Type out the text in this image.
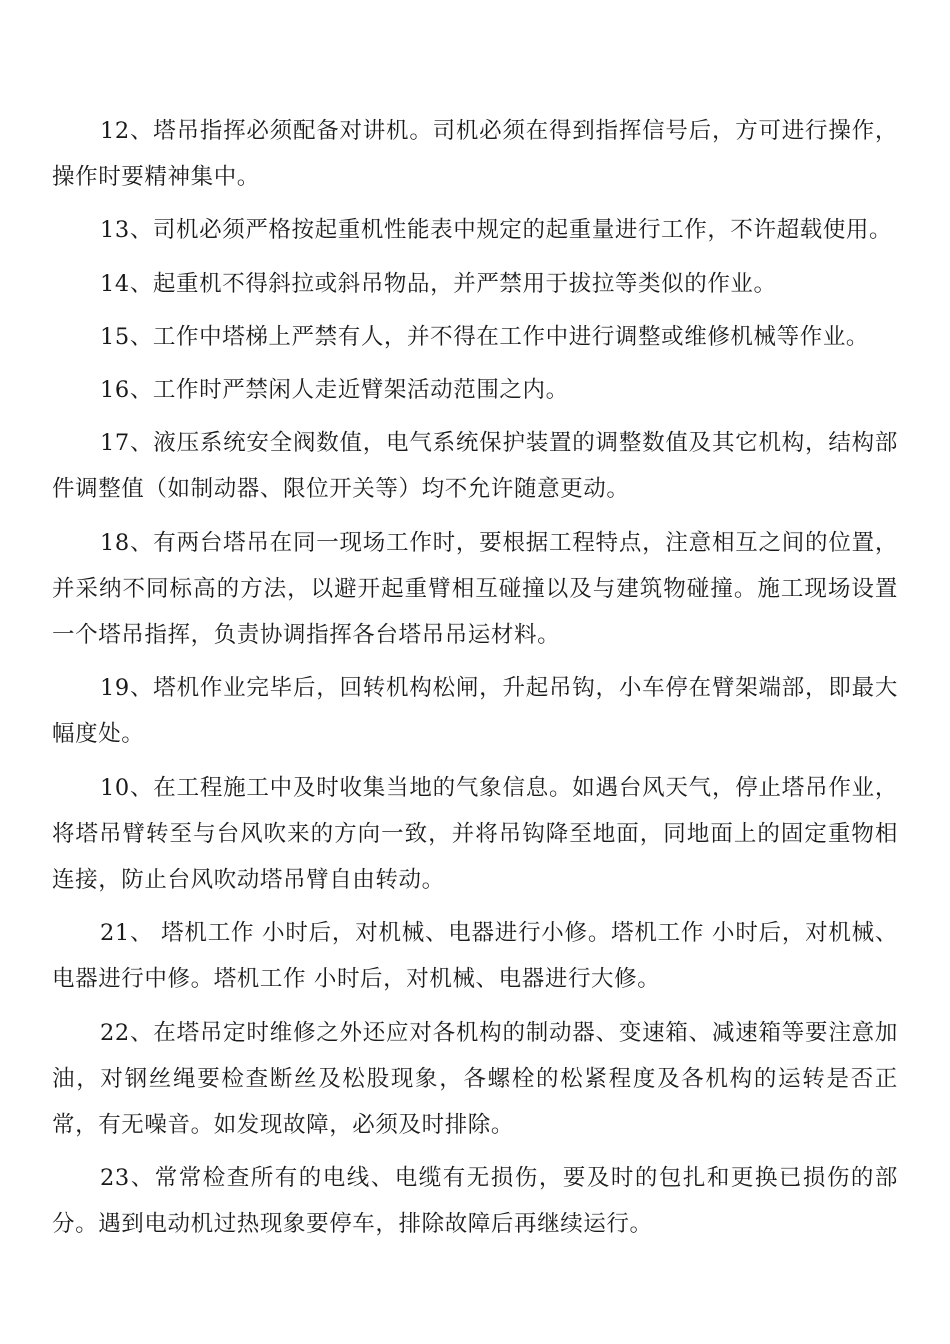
12、塔吊指挥必须配备对讲机。司机必须在得到指挥信号后，方可进行操作，操作时要精神集中。

13、司机必须严格按起重机性能表中规定的起重量进行工作，不许超载使用。

14、起重机不得斜拉或斜吊物品，并严禁用于拔拉等类似的作业。

15、工作中塔梯上严禁有人，并不得在工作中进行调整或维修机械等作业。

16、工作时严禁闲人走近臂架活动范围之内。

17、液压系统安全阀数值，电气系统保护装置的调整数值及其它机构，结构部件调整值（如制动器、限位开关等）均不允许随意更动。

18、有两台塔吊在同一现场工作时，要根据工程特点，注意相互之间的位置，并采纳不同标高的方法，以避开起重臂相互碰撞以及与建筑物碰撞。施工现场设置一个塔吊指挥，负责协调指挥各台塔吊吊运材料。

19、塔机作业完毕后，回转机构松闸，升起吊钩，小车停在臂架端部，即最大幅度处。

10、在工程施工中及时收集当地的气象信息。如遇台风天气，停止塔吊作业，将塔吊臂转至与台风吹来的方向一致，并将吊钩降至地面，同地面上的固定重物相连接，防止台风吹动塔吊臂自由转动。

21、 塔机工作 小时后，对机械、电器进行小修。塔机工作 小时后，对机械、电器进行中修。塔机工作 小时后，对机械、电器进行大修。

22、在塔吊定时维修之外还应对各机构的制动器、变速箱、减速箱等要注意加油，对钢丝绳要检查断丝及松股现象，各螺栓的松紧程度及各机构的运转是否正常，有无噪音。如发现故障，必须及时排除。

23、常常检查所有的电线、电缆有无损伤，要及时的包扎和更换已损伤的部分。遇到电动机过热现象要停车，排除故障后再继续运行。
